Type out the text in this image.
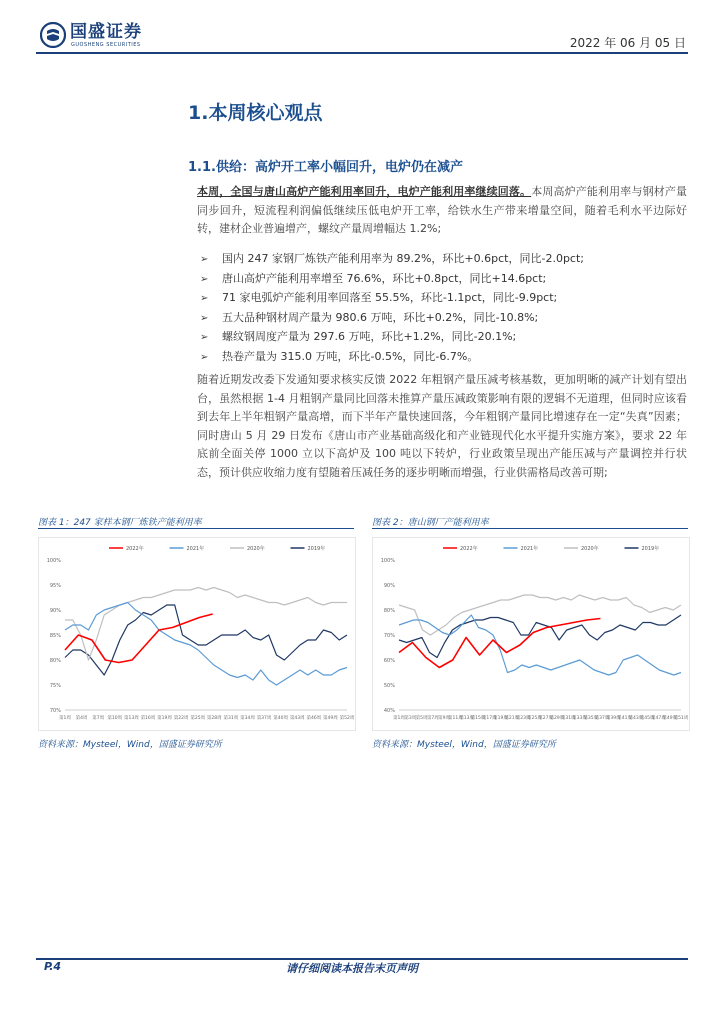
国盛证券
GUOSHENG SECURITIES	2022 年 06 月 05 日
1.本周核心观点
1.1.供给：高炉开工率小幅回升，电炉仍在减产
本周，全国与唐山高炉产能利用率回升，电炉产能利用率继续回落。本周高炉产能利用率与钢材产量同步回升，短流程利润偏低继续压低电炉开工率，给铁水生产带来增量空间，随着毛利水平边际好转，建材企业普遍增产，螺纹产量周增幅达 1.2%;
➢ 国内 247 家钢厂炼铁产能利用率为 89.2%，环比+0.6pct，同比-2.0pct;
➢ 唐山高炉产能利用率增至 76.6%，环比+0.8pct，同比+14.6pct;
➢ 71 家电弧炉产能利用率回落至 55.5%，环比-1.1pct，同比-9.9pct;
➢ 五大品种钢材周产量为 980.6 万吨，环比+0.2%，同比-10.8%;
➢ 螺纹钢周度产量为 297.6 万吨，环比+1.2%，同比-20.1%;
➢ 热卷产量为 315.0 万吨，环比-0.5%，同比-6.7%。
随着近期发改委下发通知要求核实反馈 2022 年粗钢产量压减考核基数，更加明晰的减产计划有望出台，虽然根据 1-4 月粗钢产量同比回落未推算产量压减政策影响有限的逻辑不无道理，但同时应该看到去年上半年粗钢产量高增，而下半年产量快速回落，今年粗钢产量同比增速存在一定“失真”因素；同时唐山 5 月 29 日发布《唐山市产业基础高级化和产业链现代化水平提升实施方案》，要求 22 年底前全面关停 1000 立以下高炉及 100 吨以下转炉，行业政策呈现出产能压减与产量调控并行状态，预计供应收缩力度有望随着压减任务的逐步明晰而增强，行业供需格局改善可期;
图表 1：247 家样本钢厂炼铁产能利用率
100%
95%
90%
85%
80%
75%
70%
第1周 第4周 第7周 第10周 第13周 第16周 第19周 第22周 第25周 第28周 第31周 第34周 第37周 第40周 第43周 第46周 第49周 第52周
2022年	2021年	2020年	2019年
资料来源：Mysteel，Wind，国盛证券研究所
图表 2：唐山钢厂产能利用率
100%
90%
80%
70%
60%
50%
40%
第1周 第3周 第5周 第7周 第9周
第11周
第13周
第15周
第17周
第19周
第21周
第23周
第25周
第27周
第29周
第31周
第33周
第35周
第37周
第39周
第41周
第43周
第45周
第47周
第49周
第51周
2022年	2021年	2020年	2019年
资料来源：Mysteel，Wind，国盛证券研究所
P.4	请仔细阅读本报告末页声明
